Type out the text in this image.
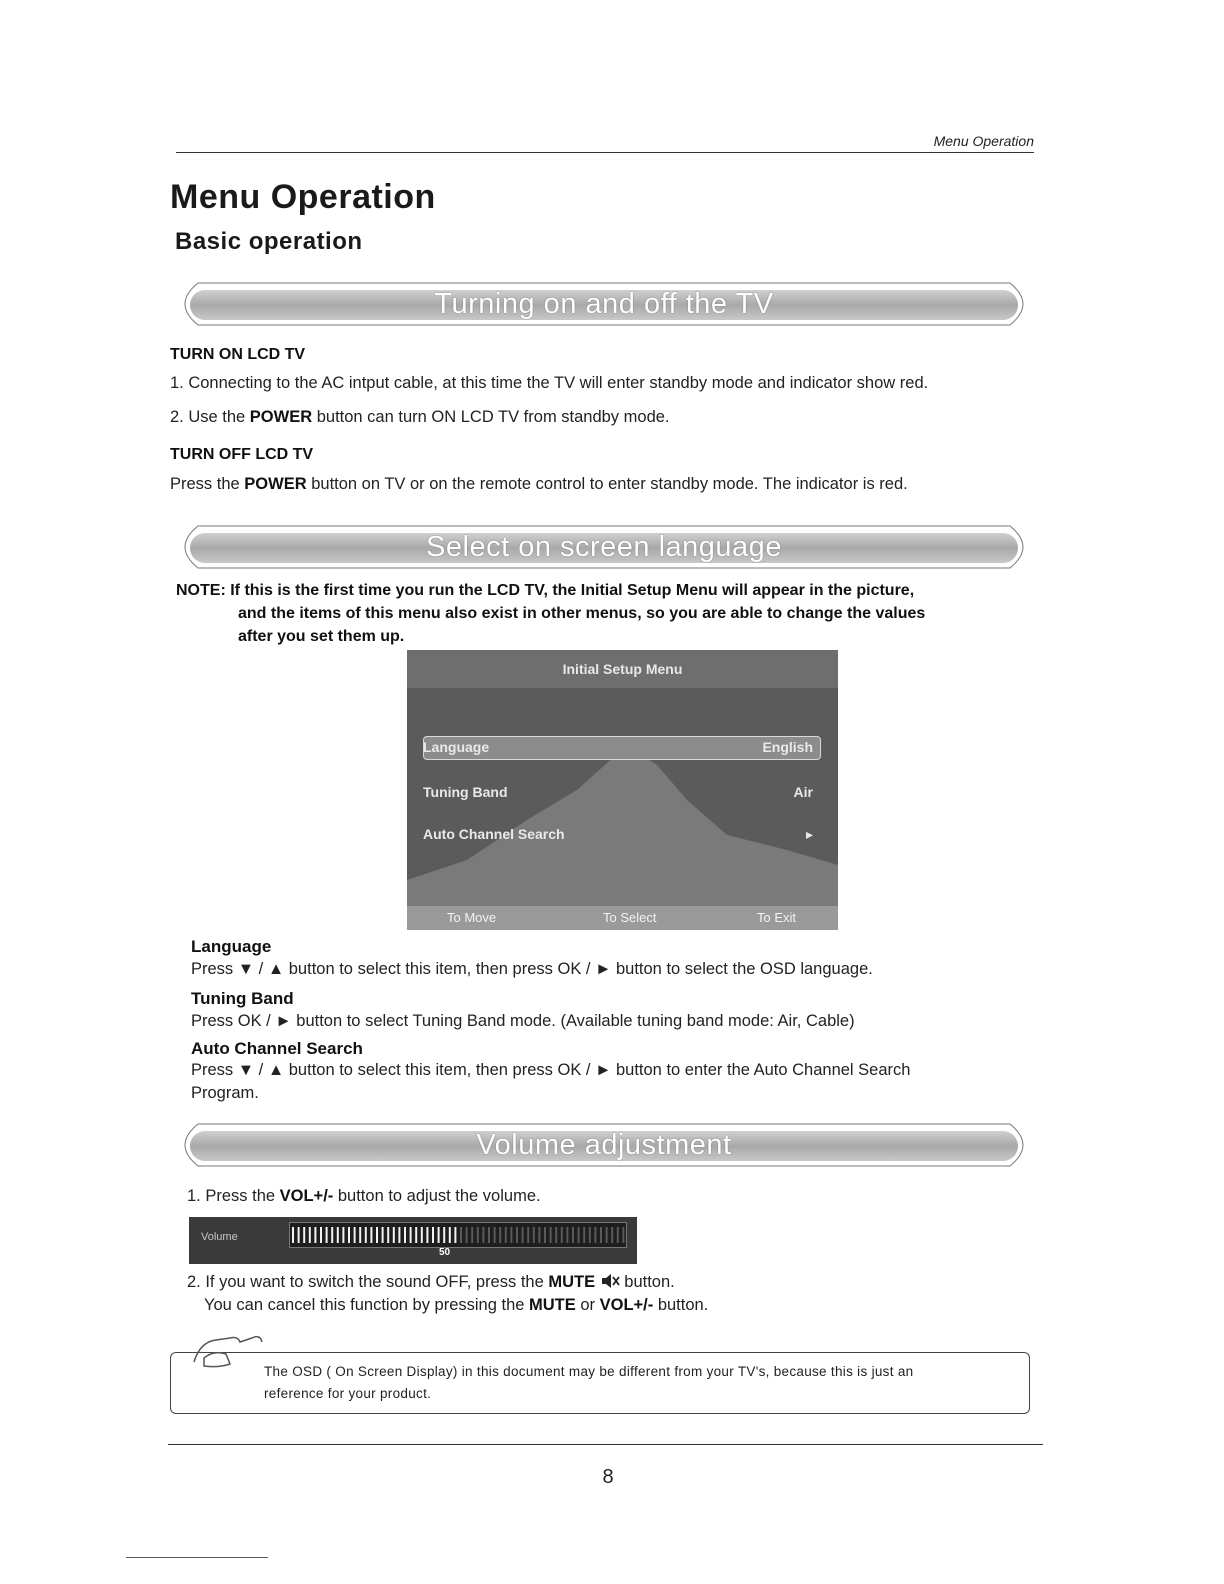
Menu Operation
Menu Operation
Basic operation
Turning on and off the TV
TURN ON LCD TV
1. Connecting to the AC intput cable, at this time the TV will enter standby mode and indicator show red.
2. Use the POWER button can turn ON LCD TV from standby mode.
TURN OFF LCD TV
Press the POWER button on TV or on the remote control to enter standby mode. The indicator is red.
Select on screen language
NOTE: If this is the first time you run the LCD TV, the Initial Setup Menu will appear in the picture,
and the items of this menu also exist in other menus, so you are able to change the values
after you set them up.
Initial Setup Menu
Language	English
Tuning Band	Air
Auto Channel Search	▸
To Move	To Select	To Exit
Language
Press ▼ / ▲ button to select this item, then press OK / ► button to select the OSD language.
Tuning Band
Press OK / ► button to select Tuning Band mode. (Available tuning band mode: Air, Cable)
Auto Channel Search
Press ▼ / ▲ button to select this item, then press OK / ► button to enter the Auto Channel Search
Program.
Volume adjustment
1. Press the VOL+/- button to adjust the volume.
Volume
50
2. If you want to switch the sound OFF, press the MUTE  button.
You can cancel this function by pressing the MUTE or VOL+/- button.
The OSD ( On Screen Display) in this document may be different from your TV's, because this is just an
reference for your product.
8
